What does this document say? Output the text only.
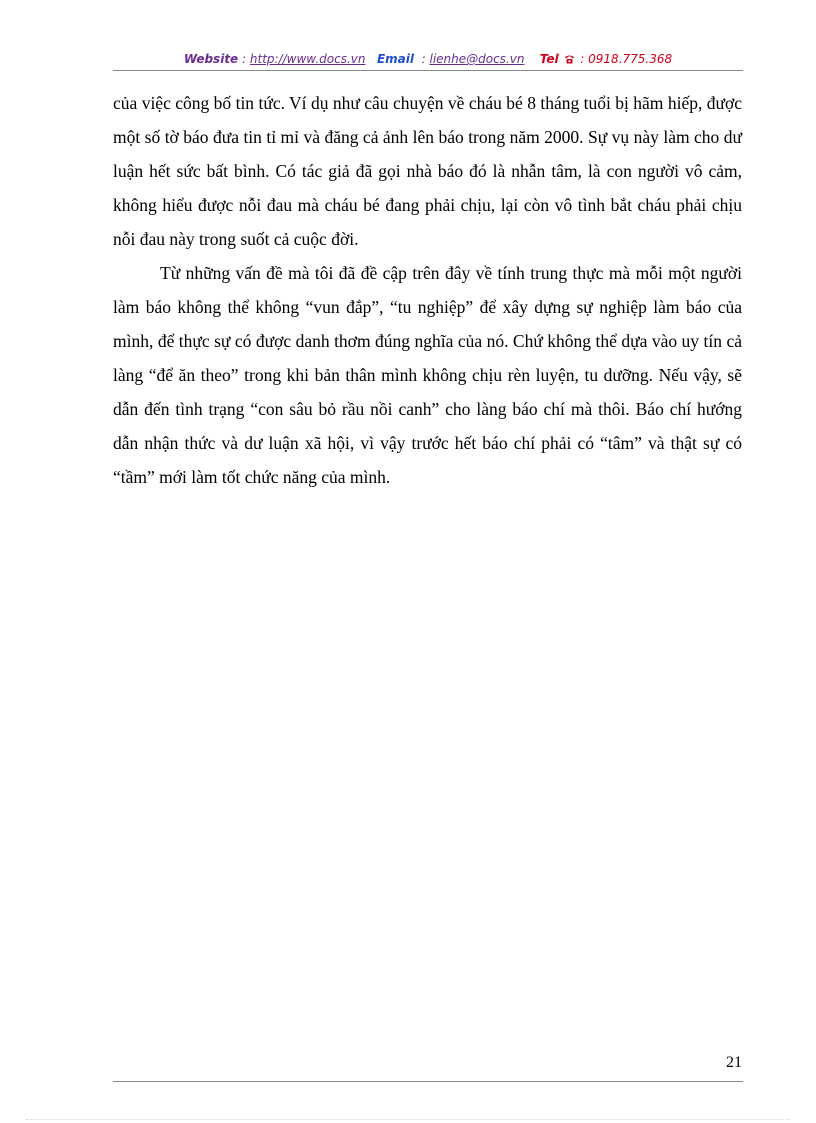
Website : http://www.docs.vn Email : lienhe@docs.vn Tel : 0918.775.368

của việc công bố tin tức. Ví dụ như câu chuyện về cháu bé 8 tháng tuổi bị hãm hiếp, được một số tờ báo đưa tin tỉ mỉ và đăng cả ảnh lên báo trong năm 2000. Sự vụ này làm cho dư luận hết sức bất bình. Có tác giả đã gọi nhà báo đó là nhẫn tâm, là con người vô cảm, không hiểu được nỗi đau mà cháu bé đang phải chịu, lại còn vô tình bắt cháu phải chịu nỗi đau này trong suốt cả cuộc đời.

Từ những vấn đề mà tôi đã đề cập trên đây về tính trung thực mà mỗi một người làm báo không thể không “vun đắp”, “tu nghiệp” để xây dựng sự nghiệp làm báo của mình, để thực sự có được danh thơm đúng nghĩa của nó. Chứ không thể dựa vào uy tín cả làng “để ăn theo” trong khi bản thân mình không chịu rèn luyện, tu dưỡng. Nếu vậy, sẽ dẫn đến tình trạng “con sâu bỏ rầu nồi canh” cho làng báo chí mà thôi. Báo chí hướng dẫn nhận thức và dư luận xã hội, vì vậy trước hết báo chí phải có “tâm” và thật sự có “tầm” mới làm tốt chức năng của mình.

21
